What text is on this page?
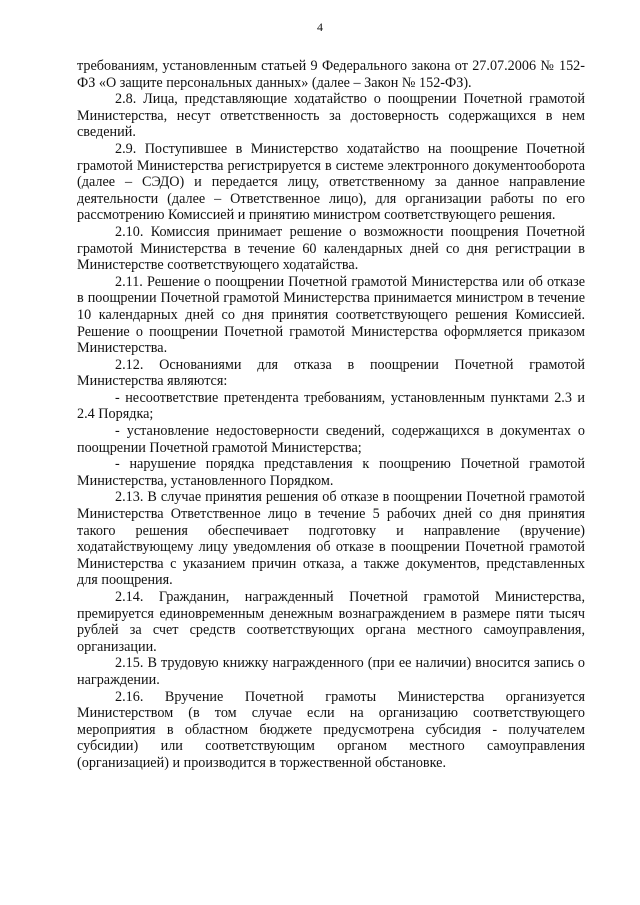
4

требованиям, установленным статьей 9 Федерального закона от 27.07.2006 № 152-ФЗ «О защите персональных данных» (далее – Закон № 152-ФЗ).

2.8. Лица, представляющие ходатайство о поощрении Почетной грамотой Министерства, несут ответственность за достоверность содержащихся в нем сведений.

2.9. Поступившее в Министерство ходатайство на поощрение Почетной грамотой Министерства регистрируется в системе электронного документооборота (далее – СЭДО) и передается лицу, ответственному за данное направление деятельности (далее – Ответственное лицо), для организации работы по его рассмотрению Комиссией и принятию министром соответствующего решения.

2.10. Комиссия принимает решение о возможности поощрения Почетной грамотой Министерства в течение 60 календарных дней со дня регистрации в Министерстве соответствующего ходатайства.

2.11. Решение о поощрении Почетной грамотой Министерства или об отказе в поощрении Почетной грамотой Министерства принимается министром в течение 10 календарных дней со дня принятия соответствующего решения Комиссией. Решение о поощрении Почетной грамотой Министерства оформляется приказом Министерства.

2.12. Основаниями для отказа в поощрении Почетной грамотой Министерства являются:

- несоответствие претендента требованиям, установленным пунктами 2.3 и 2.4 Порядка;

- установление недостоверности сведений, содержащихся в документах о поощрении Почетной грамотой Министерства;

- нарушение порядка представления к поощрению Почетной грамотой Министерства, установленного Порядком.

2.13. В случае принятия решения об отказе в поощрении Почетной грамотой Министерства Ответственное лицо в течение 5 рабочих дней со дня принятия такого решения обеспечивает подготовку и направление (вручение) ходатайствующему лицу уведомления об отказе в поощрении Почетной грамотой Министерства с указанием причин отказа, а также документов, представленных для поощрения.

2.14. Гражданин, награжденный Почетной грамотой Министерства, премируется единовременным денежным вознаграждением в размере пяти тысяч рублей за счет средств соответствующих органа местного самоуправления, организации.

2.15. В трудовую книжку награжденного (при ее наличии) вносится запись о награждении.

2.16. Вручение Почетной грамоты Министерства организуется Министерством (в том случае если на организацию соответствующего мероприятия в областном бюджете предусмотрена субсидия - получателем субсидии) или соответствующим органом местного самоуправления (организацией) и производится в торжественной обстановке.
